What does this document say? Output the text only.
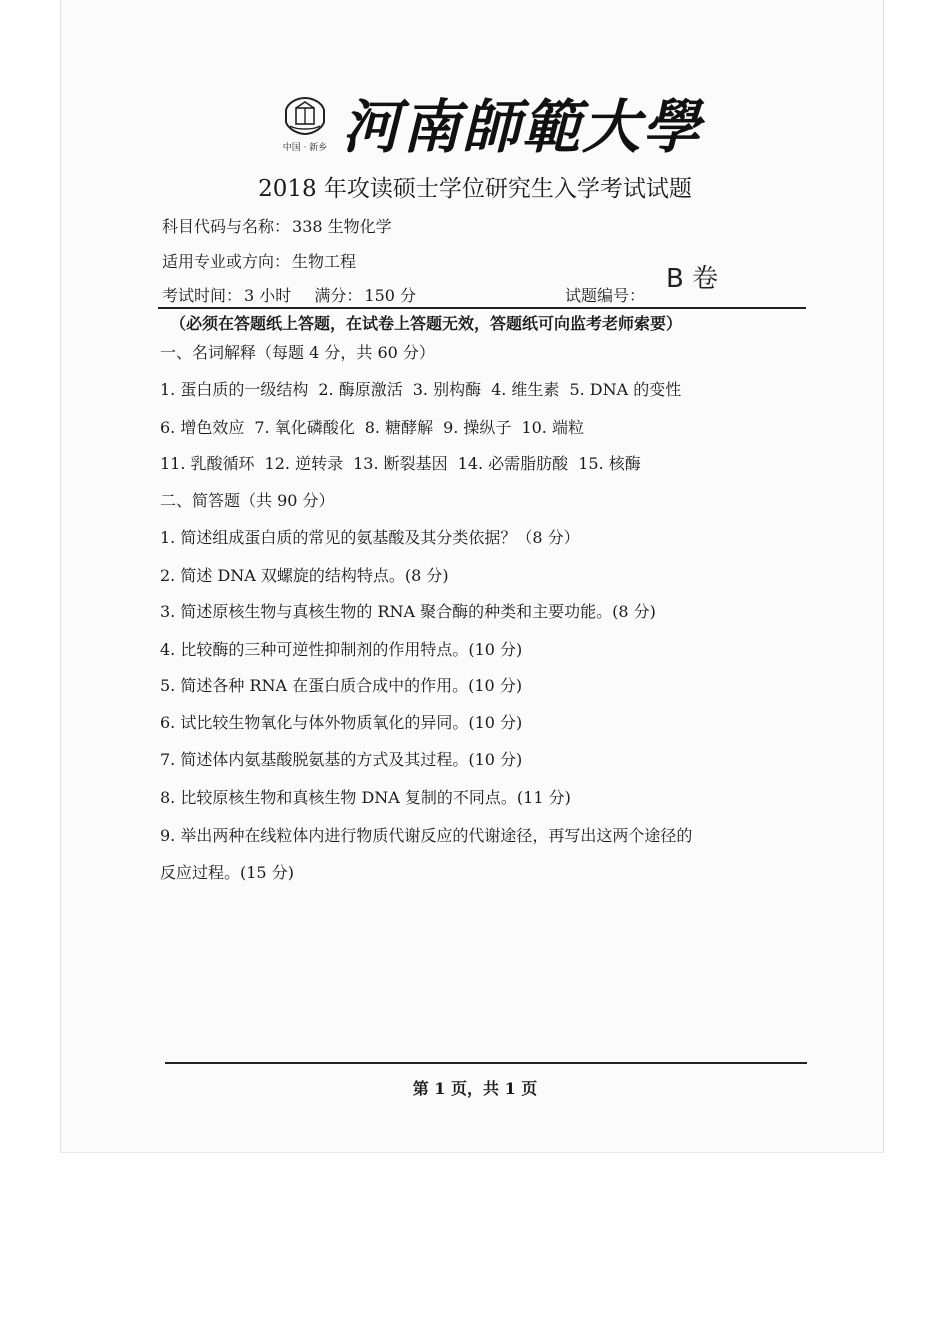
中国 · 新乡 河南師範大學
2018 年攻读硕士学位研究生入学考试试题
科目代码与名称： 338 生物化学
适用专业或方向： 生物工程
考试时间： 3 小时 满分： 150 分	试题编号：
B 卷
（必须在答题纸上答题，在试卷上答题无效，答题纸可向监考老师索要）
一、名词解释（每题 4 分，共 60 分）
1. 蛋白质的一级结构 2. 酶原激活 3. 别构酶 4. 维生素 5. DNA 的变性
6. 增色效应 7. 氧化磷酸化 8. 糖酵解 9. 操纵子 10. 端粒
11. 乳酸循环 12. 逆转录 13. 断裂基因 14. 必需脂肪酸 15. 核酶
二、简答题（共 90 分）
1. 简述组成蛋白质的常见的氨基酸及其分类依据？（8 分）
2. 简述 DNA 双螺旋的结构特点。(8 分)
3. 简述原核生物与真核生物的 RNA 聚合酶的种类和主要功能。(8 分)
4. 比较酶的三种可逆性抑制剂的作用特点。(10 分)
5. 简述各种 RNA 在蛋白质合成中的作用。(10 分)
6. 试比较生物氧化与体外物质氧化的异同。(10 分)
7. 简述体内氨基酸脱氨基的方式及其过程。(10 分)
8. 比较原核生物和真核生物 DNA 复制的不同点。(11 分)
9. 举出两种在线粒体内进行物质代谢反应的代谢途径，再写出这两个途径的
反应过程。(15 分)
第 1 页，共 1 页
